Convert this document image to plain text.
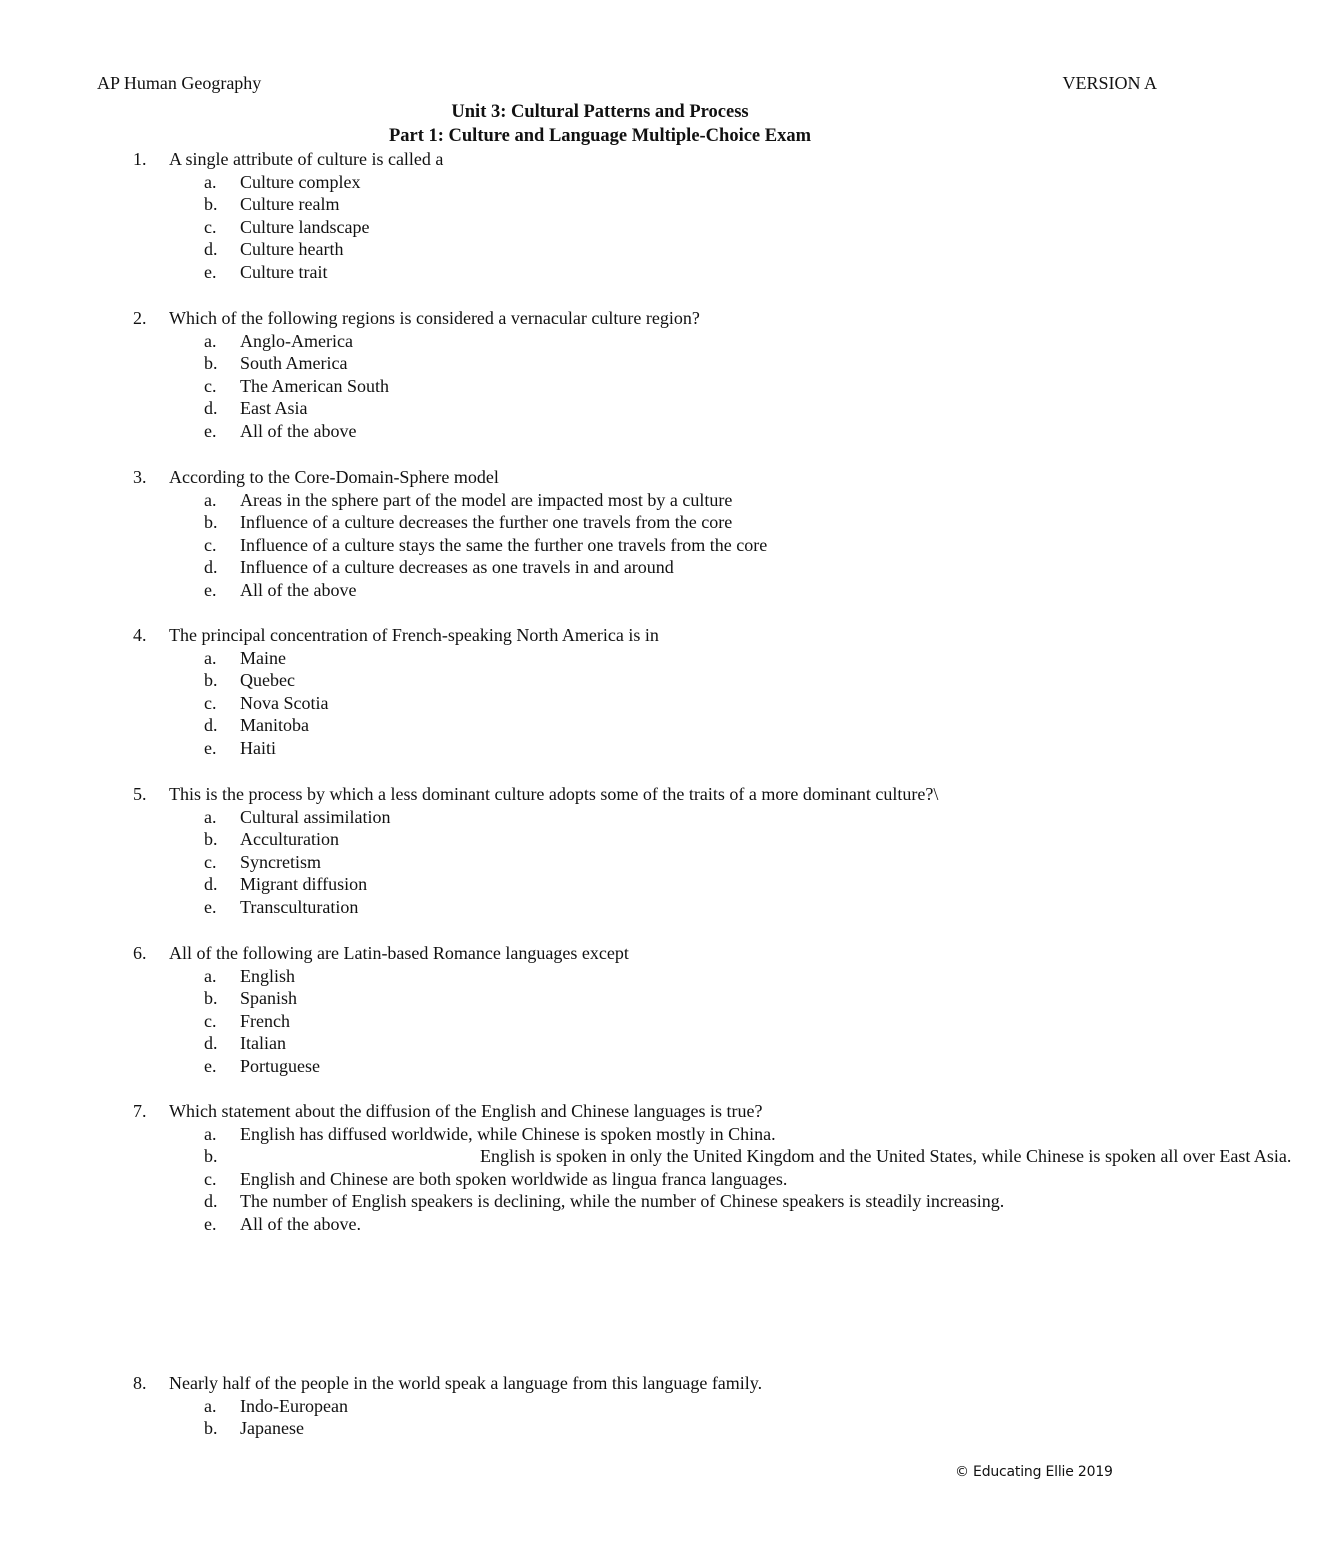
AP Human Geography	VERSION A
Unit 3: Cultural Patterns and Process
Part 1: Culture and Language Multiple-Choice Exam
1. A single attribute of culture is called a
a. Culture complex
b. Culture realm
c. Culture landscape
d. Culture hearth
e. Culture trait
2. Which of the following regions is considered a vernacular culture region?
a. Anglo-America
b. South America
c. The American South
d. East Asia
e. All of the above
3. According to the Core-Domain-Sphere model
a. Areas in the sphere part of the model are impacted most by a culture
b. Influence of a culture decreases the further one travels from the core
c. Influence of a culture stays the same the further one travels from the core
d. Influence of a culture decreases as one travels in and around
e. All of the above
4. The principal concentration of French-speaking North America is in
a. Maine
b. Quebec
c. Nova Scotia
d. Manitoba
e. Haiti
5. This is the process by which a less dominant culture adopts some of the traits of a more dominant culture?\
a. Cultural assimilation
b. Acculturation
c. Syncretism
d. Migrant diffusion
e. Transculturation
6. All of the following are Latin-based Romance languages except
a. English
b. Spanish
c. French
d. Italian
e. Portuguese
7. Which statement about the diffusion of the English and Chinese languages is true?
a. English has diffused worldwide, while Chinese is spoken mostly in China.
b.	English is spoken in only the United Kingdom and the United States, while Chinese is spoken all over East Asia.
c. English and Chinese are both spoken worldwide as lingua franca languages.
d. The number of English speakers is declining, while the number of Chinese speakers is steadily increasing.
e. All of the above.
8. Nearly half of the people in the world speak a language from this language family.
a. Indo-European
b. Japanese
© Educating Ellie 2019
